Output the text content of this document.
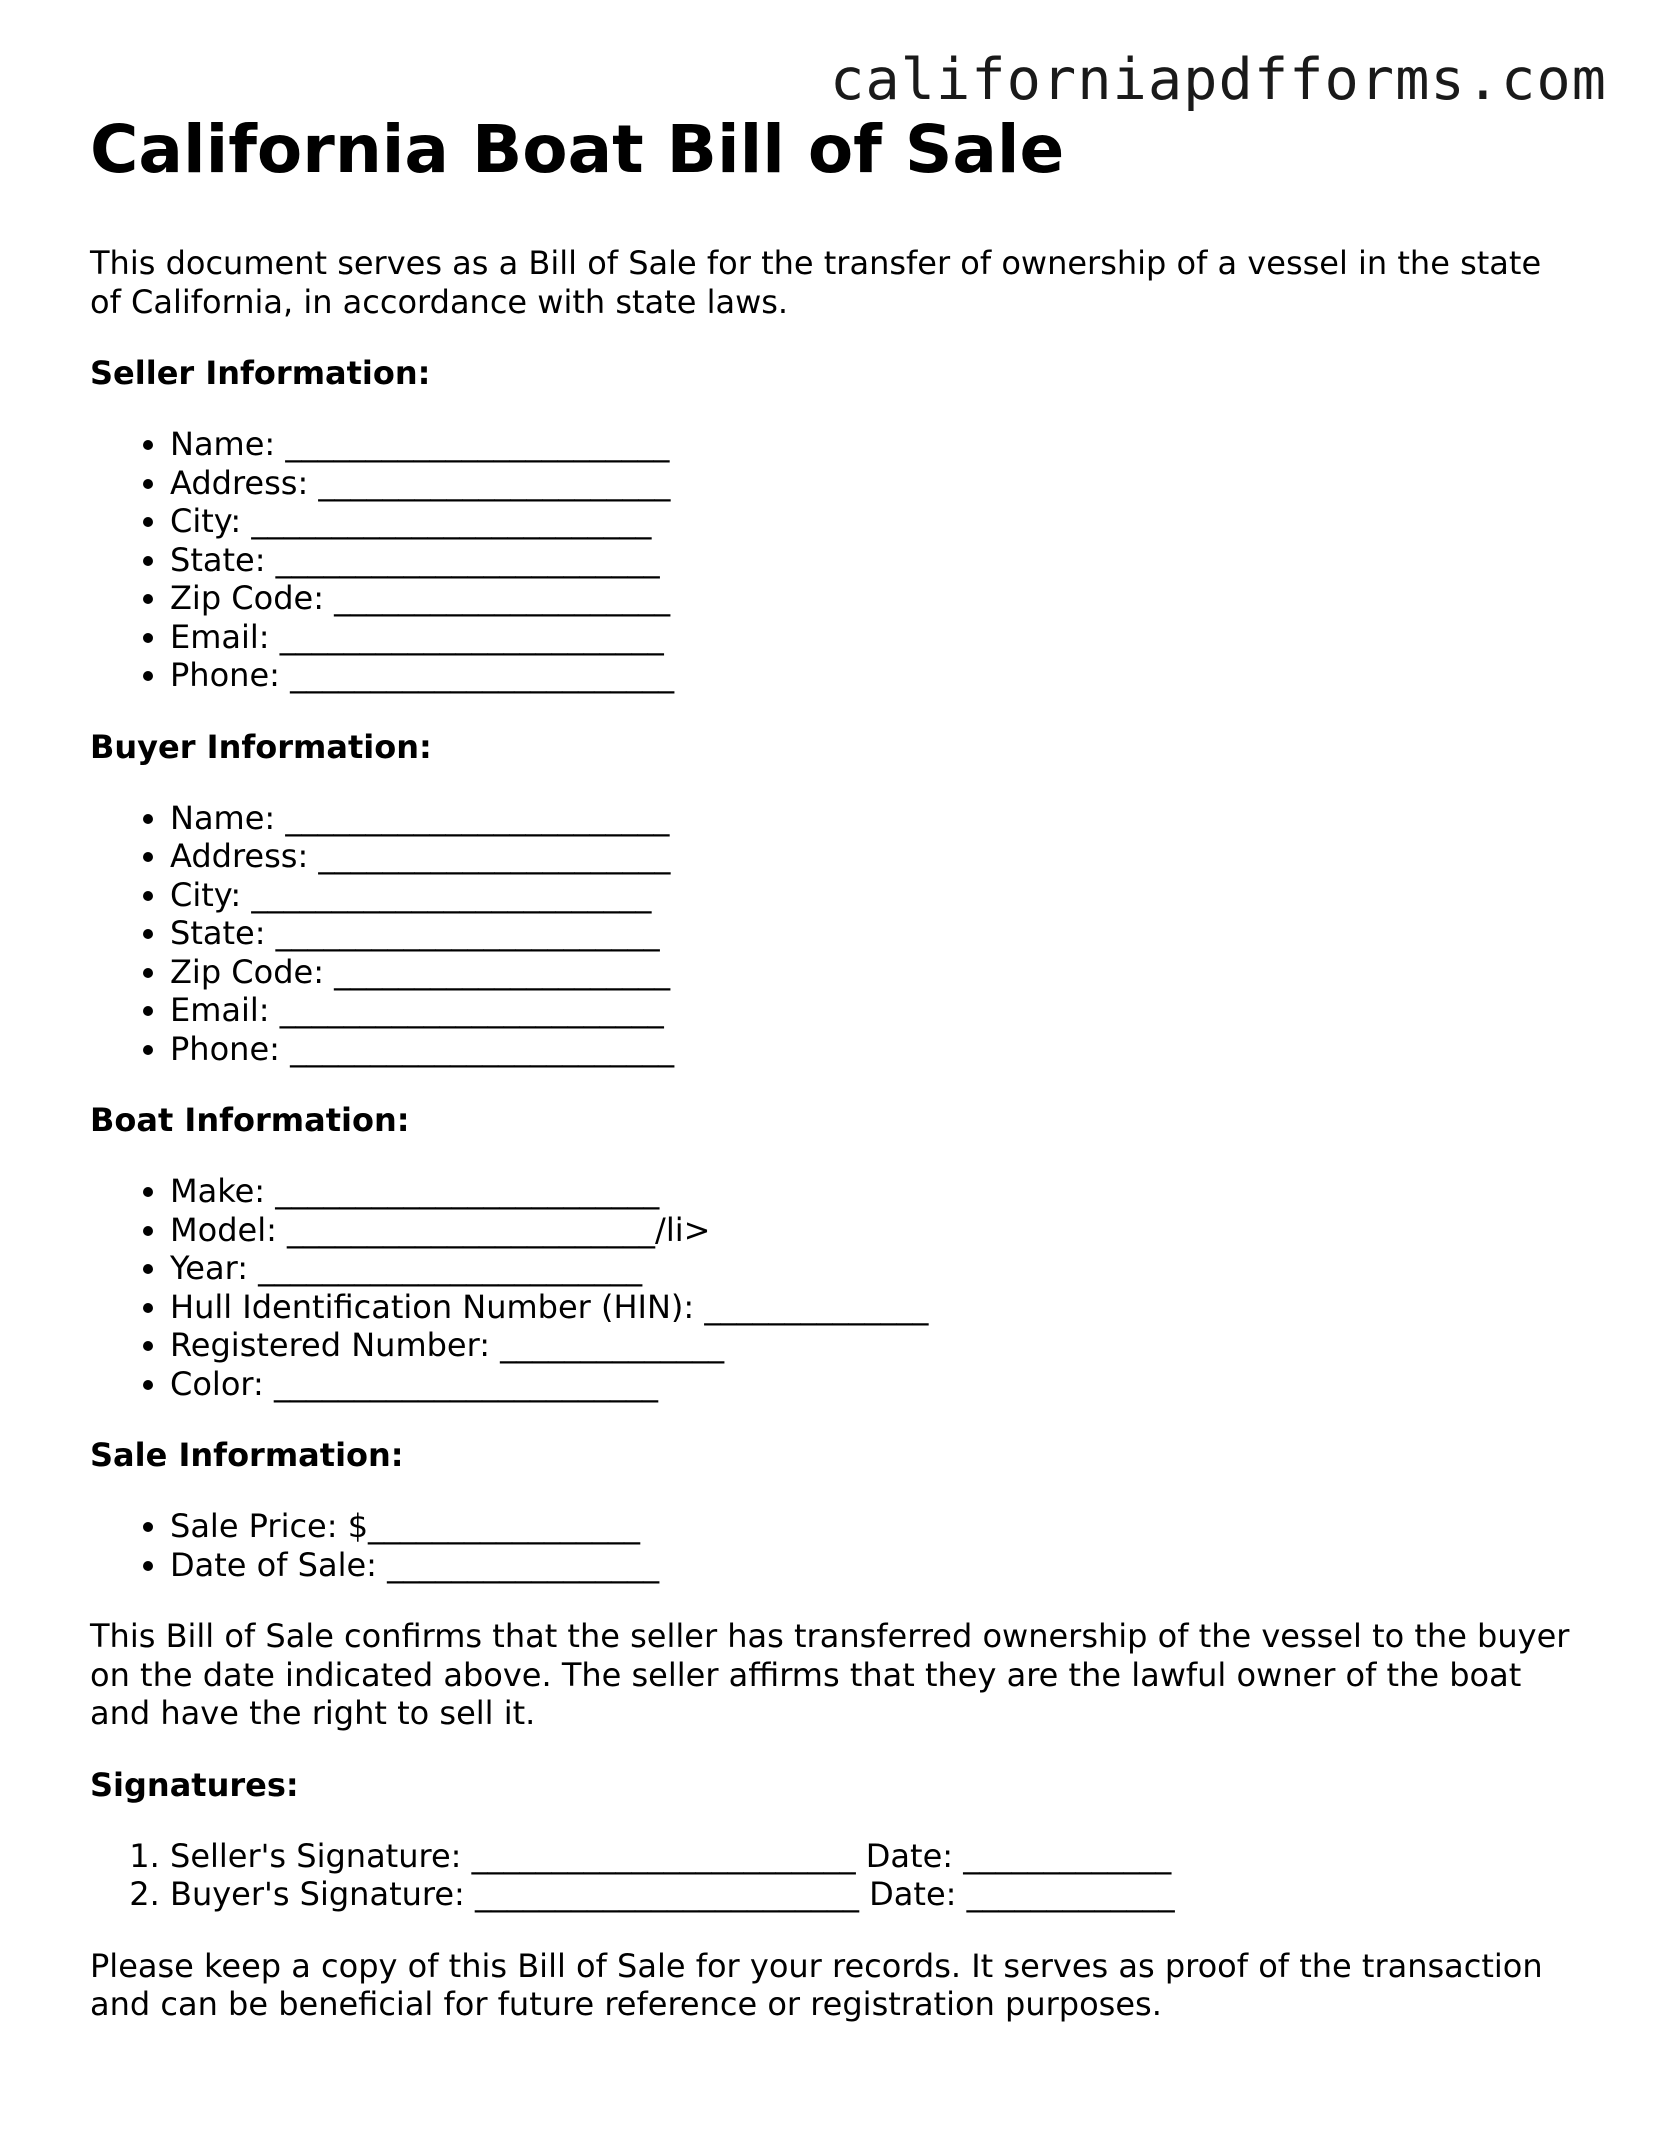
californiapdfforms.com
California Boat Bill of Sale

This document serves as a Bill of Sale for the transfer of ownership of a vessel in the state of California, in accordance with state laws.

Seller Information:
• Name: ________________________
• Address: ______________________
• City: _________________________
• State: ________________________
• Zip Code: _____________________
• Email: ________________________
• Phone: ________________________
Buyer Information:
• Name: ________________________
• Address: ______________________
• City: _________________________
• State: ________________________
• Zip Code: _____________________
• Email: ________________________
• Phone: ________________________
Boat Information:
• Make: ________________________
• Model: _______________________/li>
• Year: ________________________
• Hull Identification Number (HIN): ______________
• Registered Number: ______________
• Color: ________________________
Sale Information:
• Sale Price: $_________________
• Date of Sale: _________________

This Bill of Sale confirms that the seller has transferred ownership of the vessel to the buyer on the date indicated above. The seller affirms that they are the lawful owner of the boat and have the right to sell it.

Signatures:
1. Seller's Signature: ________________________ Date: _____________
2. Buyer's Signature: ________________________ Date: _____________

Please keep a copy of this Bill of Sale for your records. It serves as proof of the transaction and can be beneficial for future reference or registration purposes.
